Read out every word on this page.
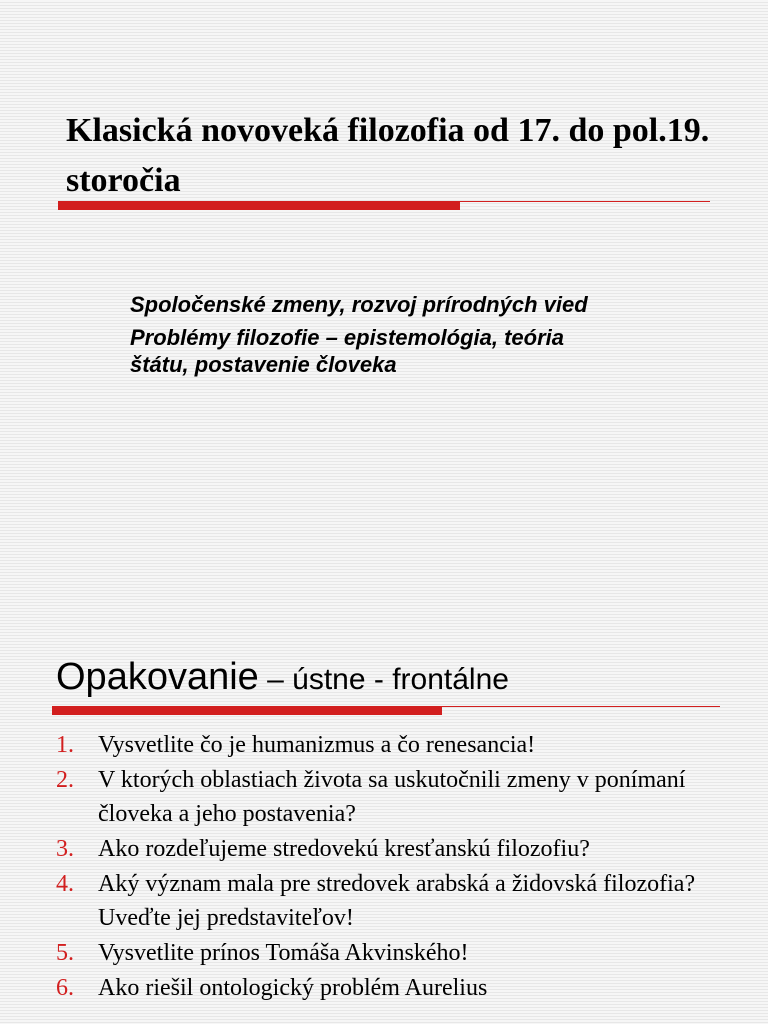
Klasická novoveká filozofia od 17. do pol.19. storočia
Spoločenské zmeny, rozvoj prírodných vied
Problémy filozofie – epistemológia, teória
štátu, postavenie človeka
Opakovanie – ústne - frontálne
1. Vysvetlite čo je humanizmus a čo renesancia!
2. V ktorých oblastiach života sa uskutočnili zmeny v ponímaní človeka a jeho postavenia?
3. Ako rozdeľujeme stredovekú kresťanskú filozofiu?
4. Aký význam mala pre stredovek arabská a židovská filozofia? Uveďte jej predstaviteľov!
5. Vysvetlite prínos Tomáša Akvinského!
6. Ako riešil ontologický problém Aurelius
